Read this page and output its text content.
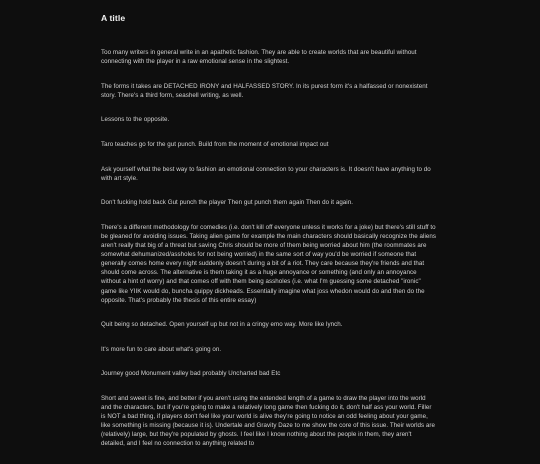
A title

Too many writers in general write in an apathetic fashion. They are able to create worlds that are beautiful without connecting with the player in a raw emotional sense in the slightest.

The forms it takes are DETACHED IRONY and HALFASSED STORY. In its purest form it's a halfassed or nonexistent story. There's a third form, seashell writing, as well.

Lessons to the opposite.

Taro teaches go for the gut punch. Build from the moment of emotional impact out

Ask yourself what the best way to fashion an emotional connection to your characters is. It doesn't have anything to do with art style.

Don't fucking hold back Gut punch the player Then gut punch them again Then do it again.

There's a different methodology for comedies (i.e. don't kill off everyone unless it works for a joke) but there's still stuff to be gleaned for avoiding issues. Taking alien game for example the main characters should basically recognize the aliens aren't really that big of a threat but saving Chris should be more of them being worried about him (the roommates are somewhat dehumanized/assholes for not being worried) in the same sort of way you'd be worried if someone that generally comes home every night suddenly doesn't during a bit of a riot. They care because they're friends and that should come across. The alternative is them taking it as a huge annoyance or something (and only an annoyance without a hint of worry) and that comes off with them being assholes (i.e. what I'm guessing some detached "ironic" game like YIIK would do, buncha quippy dickheads. Essentially imagine what joss whedon would do and then do the opposite. That's probably the thesis of this entire essay)

Quit being so detached. Open yourself up but not in a cringy emo way. More like lynch.

It's more fun to care about what's going on.

Journey good Monument valley bad probably Uncharted bad Etc

Short and sweet is fine, and better if you aren't using the extended length of a game to draw the player into the world and the characters, but if you're going to make a relatively long game then fucking do it, don't half ass your world. Filler is NOT a bad thing, if players don't feel like your world is alive they're going to notice an odd feeling about your game, like something is missing (because it is). Undertale and Gravity Daze to me show the core of this issue. Their worlds are (relatively) large, but they're populated by ghosts. I feel like I know nothing about the people in them, they aren't detailed, and I feel no connection to anything related to
